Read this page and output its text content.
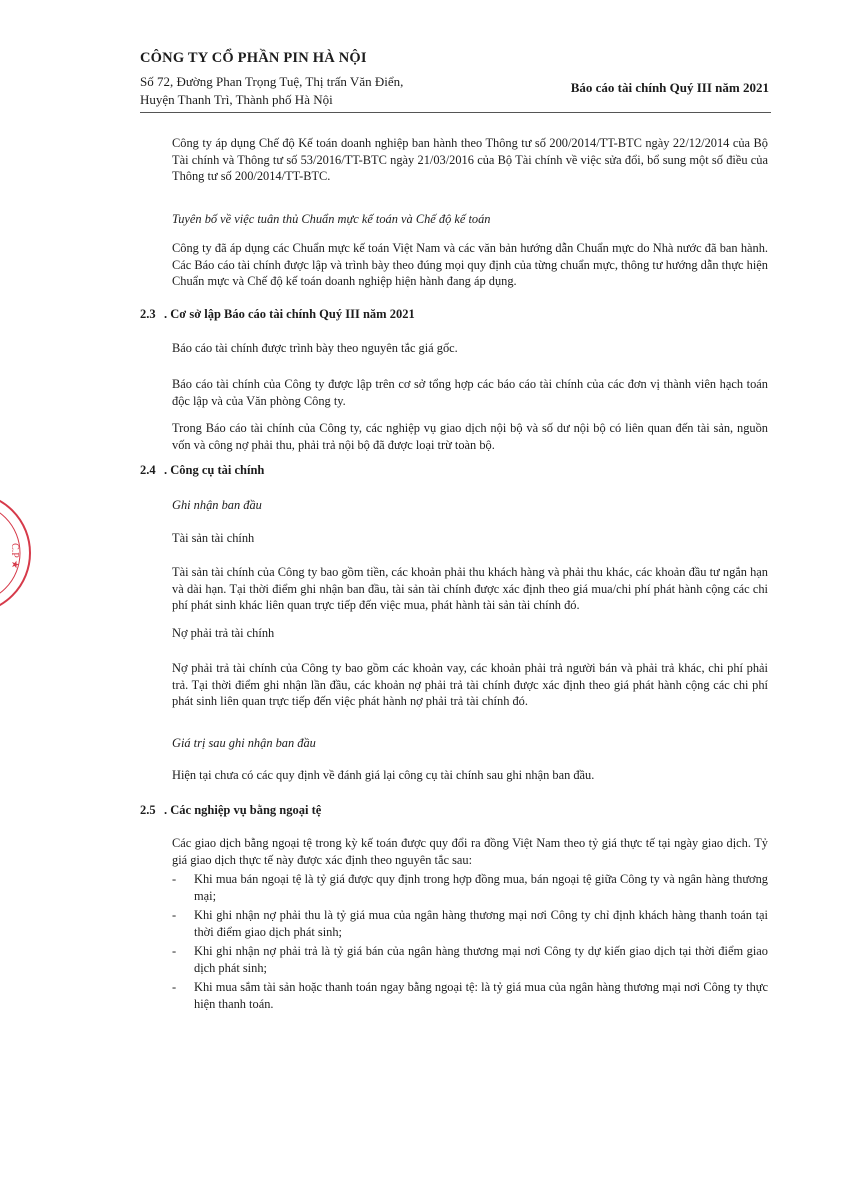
CÔNG TY CỔ PHẦN PIN HÀ NỘI
Số 72, Đường Phan Trọng Tuệ, Thị trấn Văn Điển,
Huyện Thanh Trì, Thành phố Hà Nội
Báo cáo tài chính Quý III năm 2021
Công ty áp dụng Chế độ Kế toán doanh nghiệp ban hành theo Thông tư số 200/2014/TT-BTC ngày 22/12/2014 của Bộ Tài chính và Thông tư số 53/2016/TT-BTC ngày 21/03/2016 của Bộ Tài chính về việc sửa đổi, bổ sung một số điều của Thông tư số 200/2014/TT-BTC.
Tuyên bố về việc tuân thủ Chuẩn mực kế toán và Chế độ kế toán
Công ty đã áp dụng các Chuẩn mực kế toán Việt Nam và các văn bản hướng dẫn Chuẩn mực do Nhà nước đã ban hành. Các Báo cáo tài chính được lập và trình bày theo đúng mọi quy định của từng chuẩn mực, thông tư hướng dẫn thực hiện Chuẩn mực và Chế độ kế toán doanh nghiệp hiện hành đang áp dụng.
2.3 . Cơ sở lập Báo cáo tài chính Quý III năm 2021
Báo cáo tài chính được trình bày theo nguyên tắc giá gốc.
Báo cáo tài chính của Công ty được lập trên cơ sở tổng hợp các báo cáo tài chính của các đơn vị thành viên hạch toán độc lập và của Văn phòng Công ty.
Trong Báo cáo tài chính của Công ty, các nghiệp vụ giao dịch nội bộ và số dư nội bộ có liên quan đến tài sản, nguồn vốn và công nợ phải thu, phải trả nội bộ đã được loại trừ toàn bộ.
2.4 . Công cụ tài chính
Ghi nhận ban đầu
Tài sản tài chính
Tài sản tài chính của Công ty bao gồm tiền, các khoản phải thu khách hàng và phải thu khác, các khoản đầu tư ngắn hạn và dài hạn. Tại thời điểm ghi nhận ban đầu, tài sản tài chính được xác định theo giá mua/chi phí phát hành cộng các chi phí phát sinh khác liên quan trực tiếp đến việc mua, phát hành tài sản tài chính đó.
Nợ phải trả tài chính
Nợ phải trả tài chính của Công ty bao gồm các khoản vay, các khoản phải trả người bán và phải trả khác, chi phí phải trả. Tại thời điểm ghi nhận lần đầu, các khoản nợ phải trả tài chính được xác định theo giá phát hành cộng các chi phí phát sinh liên quan trực tiếp đến việc phát hành nợ phải trả tài chính đó.
Giá trị sau ghi nhận ban đầu
Hiện tại chưa có các quy định về đánh giá lại công cụ tài chính sau ghi nhận ban đầu.
2.5 . Các nghiệp vụ bằng ngoại tệ
Các giao dịch bằng ngoại tệ trong kỳ kế toán được quy đổi ra đồng Việt Nam theo tỷ giá thực tế tại ngày giao dịch. Tỷ giá giao dịch thực tế này được xác định theo nguyên tắc sau:
- Khi mua bán ngoại tệ là tỷ giá được quy định trong hợp đồng mua, bán ngoại tệ giữa Công ty và ngân hàng thương mại;
- Khi ghi nhận nợ phải thu là tỷ giá mua của ngân hàng thương mại nơi Công ty chỉ định khách hàng thanh toán tại thời điểm giao dịch phát sinh;
- Khi ghi nhận nợ phải trả là tỷ giá bán của ngân hàng thương mại nơi Công ty dự kiến giao dịch tại thời điểm giao dịch phát sinh;
- Khi mua sắm tài sản hoặc thanh toán ngay bằng ngoại tệ: là tỷ giá mua của ngân hàng thương mại nơi Công ty thực hiện thanh toán.
C.P ★
